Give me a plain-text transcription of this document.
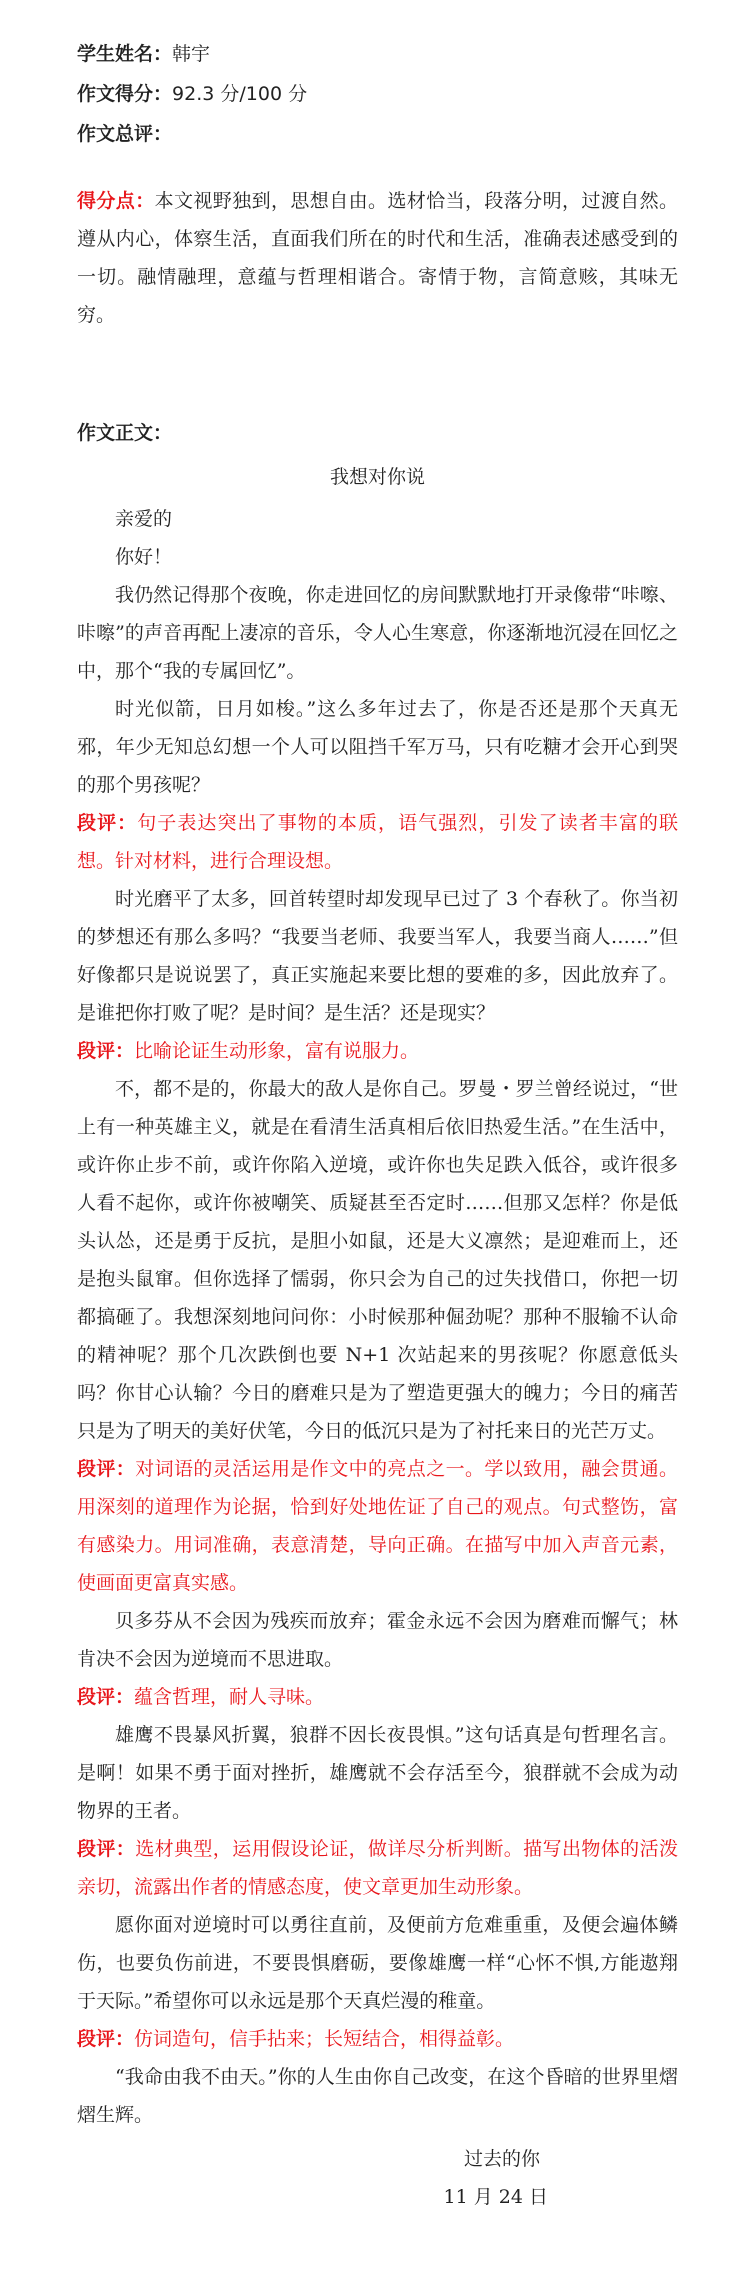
学生姓名：韩宇

作文得分：92.3 分/100 分

作文总评：

得分点：本文视野独到，思想自由。选材恰当，段落分明，过渡自然。遵从内心，体察生活，直面我们所在的时代和生活，准确表述感受到的一切。融情融理，意蕴与哲理相谐合。寄情于物，言简意赅，其味无穷。

作文正文：

我想对你说

亲爱的

你好！

我仍然记得那个夜晚，你走进回忆的房间默默地打开录像带“咔嚓、咔嚓”的声音再配上凄凉的音乐，令人心生寒意，你逐渐地沉浸在回忆之中，那个“我的专属回忆”。

时光似箭，日月如梭。”这么多年过去了，你是否还是那个天真无邪，年少无知总幻想一个人可以阻挡千军万马，只有吃糖才会开心到哭的那个男孩呢？

段评：句子表达突出了事物的本质，语气强烈，引发了读者丰富的联想。针对材料，进行合理设想。

时光磨平了太多，回首转望时却发现早已过了 3 个春秋了。你当初的梦想还有那么多吗？“我要当老师、我要当军人，我要当商人……”但好像都只是说说罢了，真正实施起来要比想的要难的多，因此放弃了。是谁把你打败了呢？是时间？是生活？还是现实？

段评：比喻论证生动形象，富有说服力。

不，都不是的，你最大的敌人是你自己。罗曼・罗兰曾经说过，“世上有一种英雄主义，就是在看清生活真相后依旧热爱生活。”在生活中，或许你止步不前，或许你陷入逆境，或许你也失足跌入低谷，或许很多人看不起你，或许你被嘲笑、质疑甚至否定时……但那又怎样？你是低头认怂，还是勇于反抗，是胆小如鼠，还是大义凛然；是迎难而上，还是抱头鼠窜。但你选择了懦弱，你只会为自己的过失找借口，你把一切都搞砸了。我想深刻地问问你：小时候那种倔劲呢？那种不服输不认命的精神呢？那个几次跌倒也要 N+1 次站起来的男孩呢？你愿意低头吗？你甘心认输？今日的磨难只是为了塑造更强大的魄力；今日的痛苦只是为了明天的美好伏笔，今日的低沉只是为了衬托来日的光芒万丈。

段评：对词语的灵活运用是作文中的亮点之一。学以致用，融会贯通。用深刻的道理作为论据，恰到好处地佐证了自己的观点。句式整饬，富有感染力。用词准确，表意清楚，导向正确。在描写中加入声音元素，使画面更富真实感。

贝多芬从不会因为残疾而放弃；霍金永远不会因为磨难而懈气；林肯决不会因为逆境而不思进取。

段评：蕴含哲理，耐人寻味。

雄鹰不畏暴风折翼，狼群不因长夜畏惧。”这句话真是句哲理名言。是啊！如果不勇于面对挫折，雄鹰就不会存活至今，狼群就不会成为动物界的王者。

段评：选材典型，运用假设论证，做详尽分析判断。描写出物体的活泼亲切，流露出作者的情感态度，使文章更加生动形象。

愿你面对逆境时可以勇往直前，及便前方危难重重，及便会遍体鳞伤，也要负伤前进，不要畏惧磨砺，要像雄鹰一样“心怀不惧,方能遨翔于天际。”希望你可以永远是那个天真烂漫的稚童。

段评：仿词造句，信手拈来；长短结合，相得益彰。

“我命由我不由天。”你的人生由你自己改变，在这个昏暗的世界里熠熠生辉。

过去的你

11 月 24 日
